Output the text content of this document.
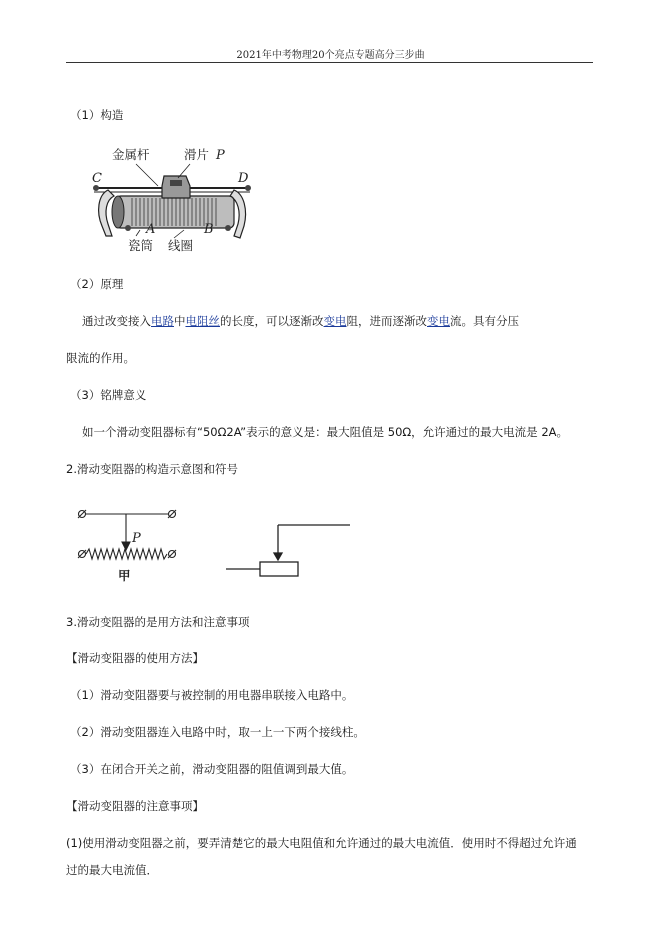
2021年中考物理20个亮点专题高分三步曲
（1）构造
金属杆	滑片 P
C	D
A	B
瓷筒 线圈
（2）原理
通过改变接入电路中电阻丝的长度，可以逐渐改变电阻，进而逐渐改变电流。具有分压
限流的作用。
（3）铭牌意义
如一个滑动变阻器标有“50Ω2A”表示的意义是：最大阻值是 50Ω，允许通过的最大电流是 2A。
2.滑动变阻器的构造示意图和符号
P
甲
3.滑动变阻器的是用方法和注意事项
【滑动变阻器的使用方法】
（1）滑动变阻器要与被控制的用电器串联接入电路中。
（2）滑动变阻器连入电路中时，取一上一下两个接线柱。
（3）在闭合开关之前，滑动变阻器的阻值调到最大值。
【滑动变阻器的注意事项】
(1)使用滑动变阻器之前，要弄清楚它的最大电阻值和允许通过的最大电流值．使用时不得超过允许通
过的最大电流值．
